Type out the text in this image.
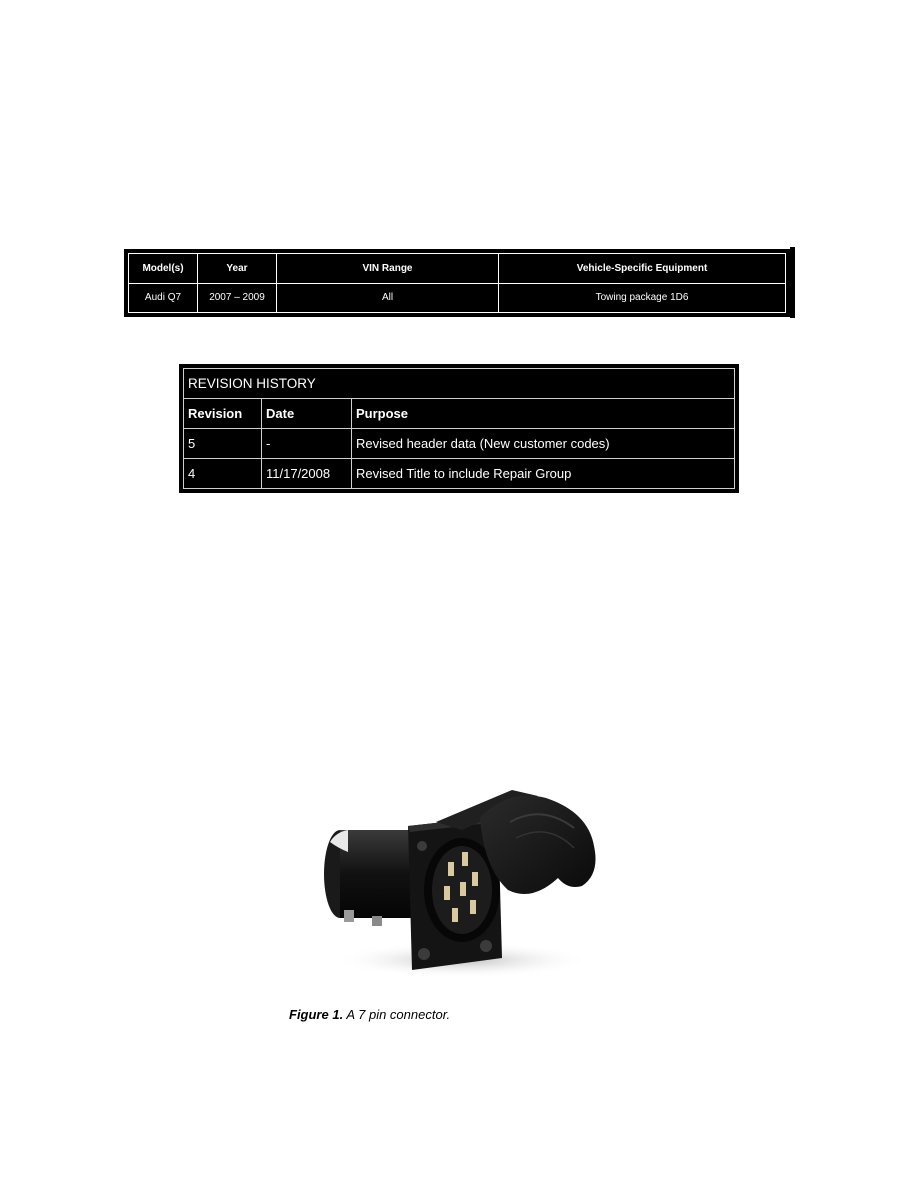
Model(s)	Year	VIN Range	Vehicle-Specific Equipment
Audi Q7	2007 – 2009	All	Towing package 1D6
REVISION HISTORY		
Revision	Date	Purpose
5	-	Revised header data (New customer codes)
4	11/17/2008	Revised Title to include Repair Group
Figure 1. A 7 pin connector.
